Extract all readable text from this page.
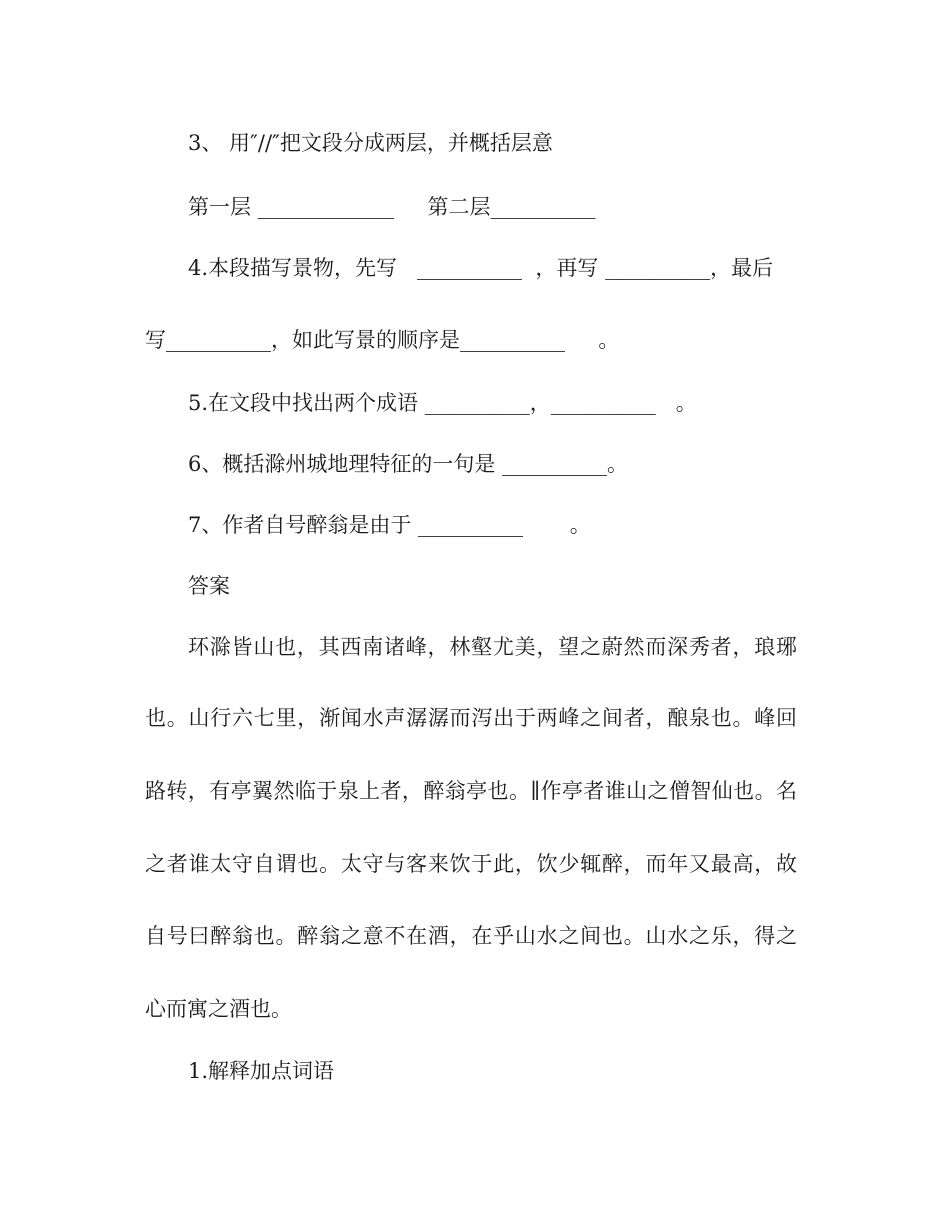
3、 用″//″把文段分成两层，并概括层意
第一层 _____________     第二层__________
4.本段描写景物，先写   __________  ，再写 __________，最后
写__________，如此写景的顺序是__________     。
5.在文段中找出两个成语 __________，__________   。
6、概括滁州城地理特征的一句是 __________。
7、作者自号醉翁是由于 __________       。
答案
环滁皆山也，其西南诸峰，林壑尤美，望之蔚然而深秀者，琅琊
也。山行六七里，渐闻水声潺潺而泻出于两峰之间者，酿泉也。峰回
路转，有亭翼然临于泉上者，醉翁亭也。∥作亭者谁山之僧智仙也。名
之者谁太守自谓也。太守与客来饮于此，饮少辄醉，而年又最高，故
自号曰醉翁也。醉翁之意不在酒，在乎山水之间也。山水之乐，得之
心而寓之酒也。
1.解释加点词语
